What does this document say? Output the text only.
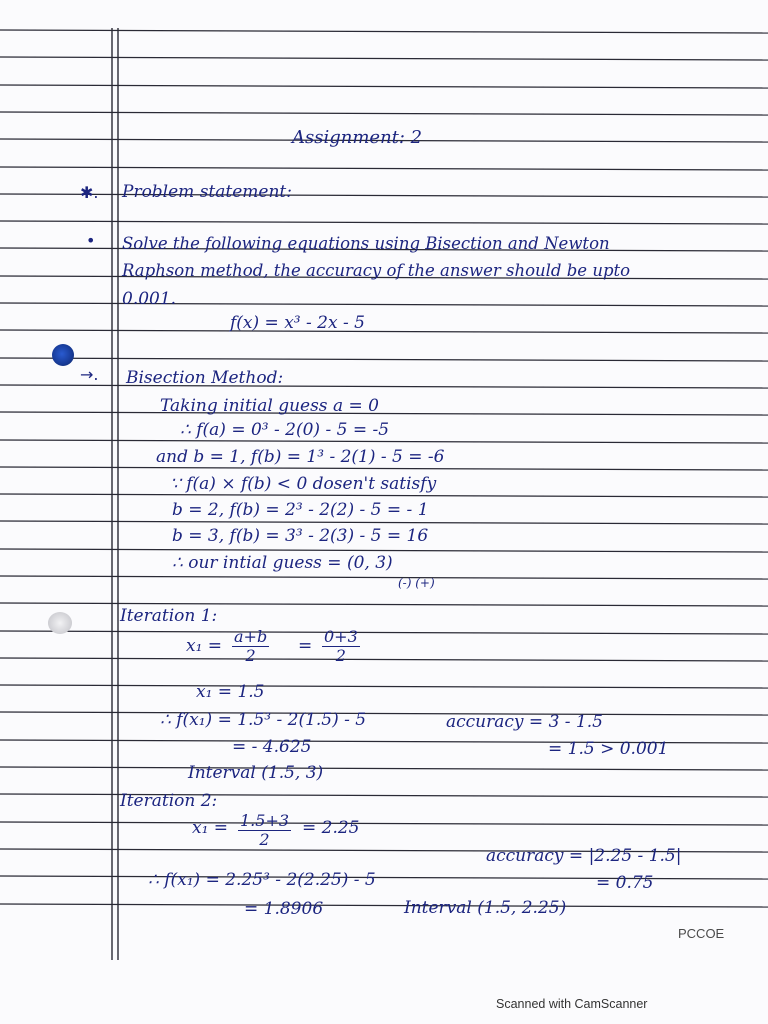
Assignment: 2
✱. Problem statement:
• Solve the following equations using Bisection and Newton
Raphson method, the accuracy of the answer should be upto
0.001.
f(x) = x³ - 2x - 5
→. Bisection Method:
Taking initial guess a = 0
∴ f(a) = 0³ - 2(0) - 5 = -5
and b = 1, f(b) = 1³ - 2(1) - 5 = -6
∵ f(a) × f(b) < 0 dosen't satisfy
b = 2, f(b) = 2³ - 2(2) - 5 = - 1
b = 3, f(b) = 3³ - 2(3) - 5 = 16
∴ our intial guess = (0, 3)
(-) (+)
Iteration 1:
$x_1 = \frac{a+b}{2} = \frac{0+3}{2}$
x₁ = 1.5
∴ f(x₁) = 1.5³ - 2(1.5) - 5
= - 4.625
accuracy = 3 - 1.5
= 1.5 > 0.001
Interval (1.5, 3)
Iteration 2:
$x_1 = \frac{1.5+3}{2} = 2.25$
accuracy = |2.25 - 1.5|
= 0.75
∴ f(x₁) = 2.25³ - 2(2.25) - 5
= 1.8906	Interval (1.5, 2.25)
PCCOE
Scanned with CamScanner
